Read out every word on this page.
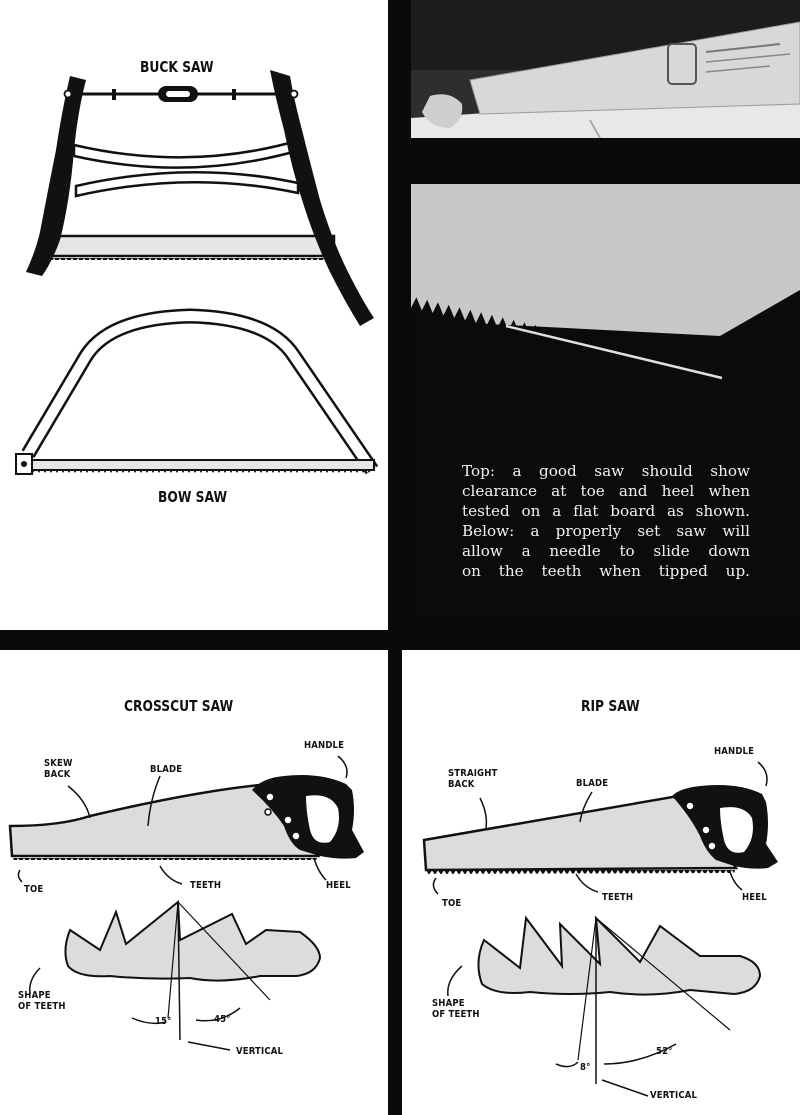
BUCK SAW
BOW SAW
Top: a good saw should show
clearance at toe and heel when
tested on a flat board as shown.
Below: a properly set saw will
allow a needle to slide down
on the teeth when tipped up.
CROSSCUT SAW
SKEW
BACK	BLADE
HANDLE
TOE	TEETH	HEEL
SHAPE
OF TEETH
15°	45°
VERTICAL
RIP SAW
STRAIGHT
BACK	BLADE
HANDLE
TOE
TEETH	HEEL
SHAPE
OF TEETH
8°
52°
VERTICAL
